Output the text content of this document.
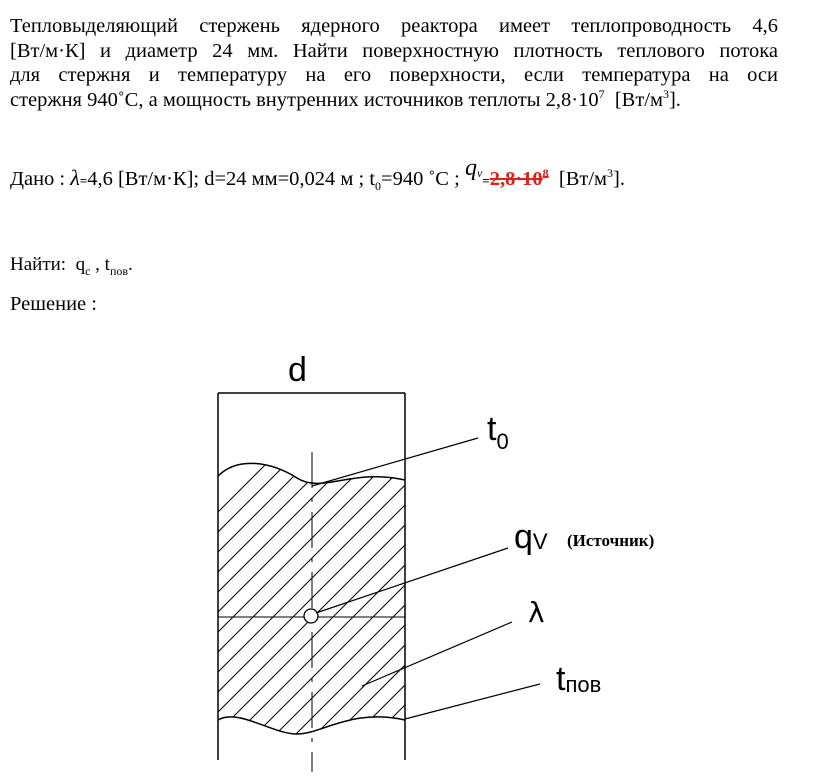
Тепловыделяющий стержень ядерного реактора имеет теплопроводность 4,6
[Вт/м·К] и диаметр 24 мм. Найти поверхностную плотность теплового потока
для стержня и температуру на его поверхности, если температура на оси
стержня 940˚С, а мощность внутренних источников теплоты $2,8\cdot 10^7$  $[Вт/м^3]$.
Дано : λ=4,6 [Вт/м·К]; d=24 мм=0,024 м ; $t_0=940$ ˚С ; $q^v=2,8\cdot 10^8$ $[Вт/м^3]$.
Найти: $q_с$ , $t_{пов}$.
Решение :
d
$t_0$
qV (Источник)
λ
tпов
